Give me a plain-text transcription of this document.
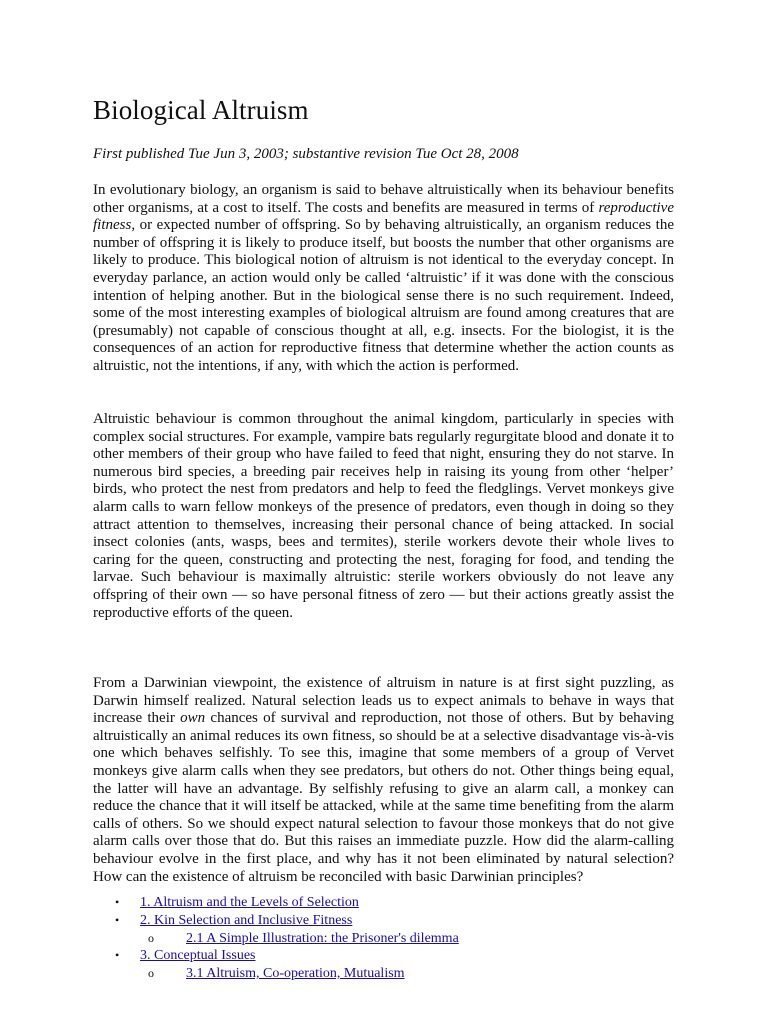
Biological Altruism

First published Tue Jun 3, 2003; substantive revision Tue Oct 28, 2008

In evolutionary biology, an organism is said to behave altruistically when its behaviour benefits other organisms, at a cost to itself. The costs and benefits are measured in terms of reproductive fitness, or expected number of offspring. So by behaving altruistically, an organism reduces the number of offspring it is likely to produce itself, but boosts the number that other organisms are likely to produce. This biological notion of altruism is not identical to the everyday concept. In everyday parlance, an action would only be called ‘altruistic’ if it was done with the conscious intention of helping another. But in the biological sense there is no such requirement. Indeed, some of the most interesting examples of biological altruism are found among creatures that are (presumably) not capable of conscious thought at all, e.g. insects. For the biologist, it is the consequences of an action for reproductive fitness that determine whether the action counts as altruistic, not the intentions, if any, with which the action is performed.

Altruistic behaviour is common throughout the animal kingdom, particularly in species with complex social structures. For example, vampire bats regularly regurgitate blood and donate it to other members of their group who have failed to feed that night, ensuring they do not starve. In numerous bird species, a breeding pair receives help in raising its young from other ‘helper’ birds, who protect the nest from predators and help to feed the fledglings. Vervet monkeys give alarm calls to warn fellow monkeys of the presence of predators, even though in doing so they attract attention to themselves, increasing their personal chance of being attacked. In social insect colonies (ants, wasps, bees and termites), sterile workers devote their whole lives to caring for the queen, constructing and protecting the nest, foraging for food, and tending the larvae. Such behaviour is maximally altruistic: sterile workers obviously do not leave any offspring of their own — so have personal fitness of zero — but their actions greatly assist the reproductive efforts of the queen.

From a Darwinian viewpoint, the existence of altruism in nature is at first sight puzzling, as Darwin himself realized. Natural selection leads us to expect animals to behave in ways that increase their own chances of survival and reproduction, not those of others. But by behaving altruistically an animal reduces its own fitness, so should be at a selective disadvantage vis-à-vis one which behaves selfishly. To see this, imagine that some members of a group of Vervet monkeys give alarm calls when they see predators, but others do not. Other things being equal, the latter will have an advantage. By selfishly refusing to give an alarm call, a monkey can reduce the chance that it will itself be attacked, while at the same time benefiting from the alarm calls of others. So we should expect natural selection to favour those monkeys that do not give alarm calls over those that do. But this raises an immediate puzzle. How did the alarm-calling behaviour evolve in the first place, and why has it not been eliminated by natural selection? How can the existence of altruism be reconciled with basic Darwinian principles?

• 1. Altruism and the Levels of Selection
• 2. Kin Selection and Inclusive Fitness
o 2.1 A Simple Illustration: the Prisoner's dilemma
• 3. Conceptual Issues
o 3.1 Altruism, Co-operation, Mutualism
